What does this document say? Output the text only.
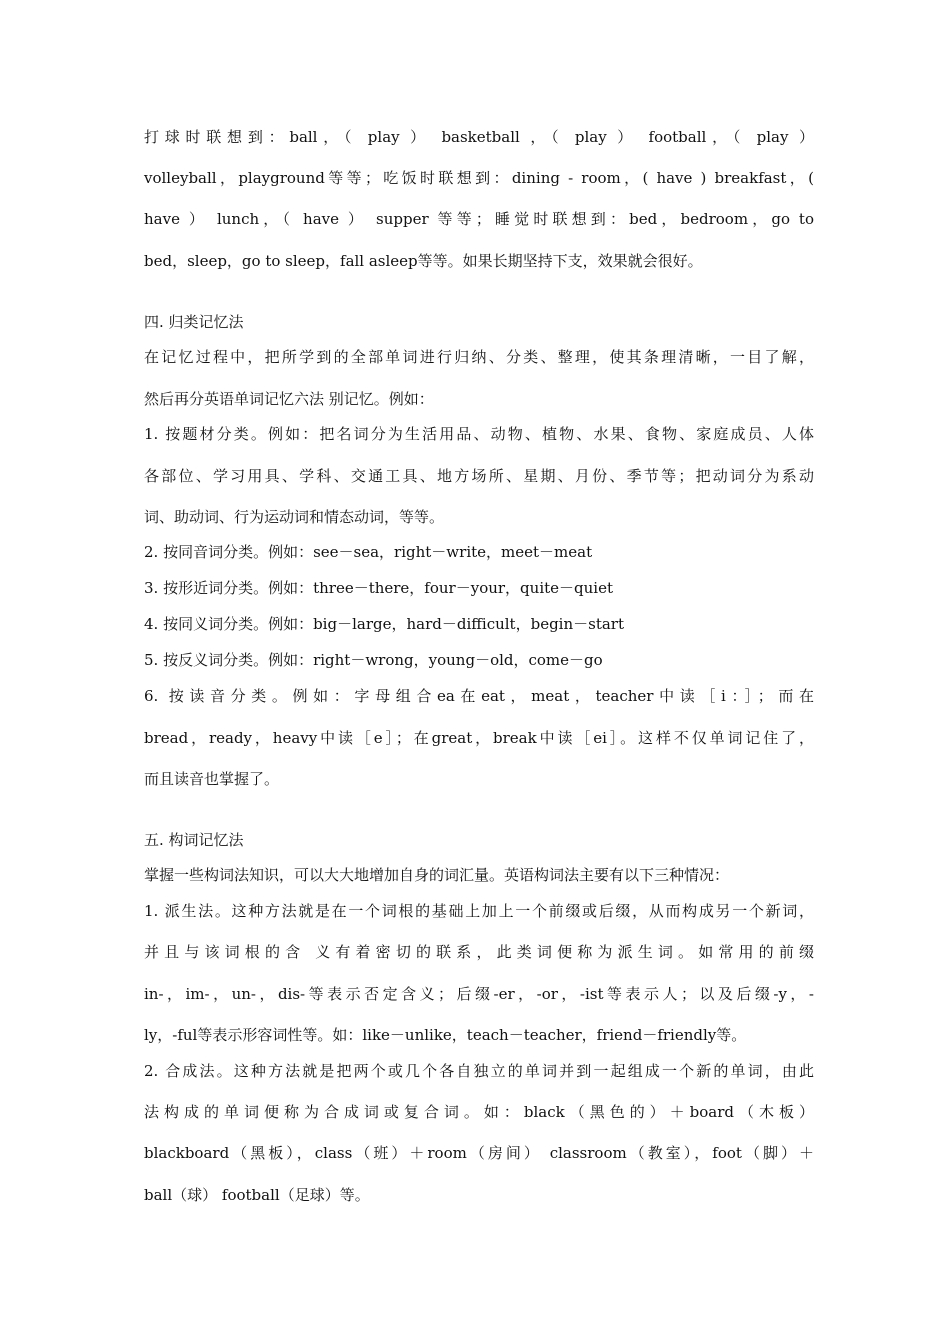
打球时联想到：ball，（ play ） basketball ，（ play ） football，（ play ）
volleyball，playground等等；吃饭时联想到：dining - room，( have ) breakfast，(
have ） lunch，（ have ） supper 等等；睡觉时联想到：bed，bedroom，go to
bed，sleep，go to sleep，fall asleep等等。如果长期坚持下支，效果就会很好。
四. 归类记忆法
在记忆过程中，把所学到的全部单词进行归纳、分类、整理，使其条理清晰，一目了解，
然后再分英语单词记忆六法 别记忆。例如：
1. 按题材分类。例如：把名词分为生活用品、动物、植物、水果、食物、家庭成员、人体
各部位、学习用具、学科、交通工具、地方场所、星期、月份、季节等；把动词分为系动
词、助动词、行为运动词和情态动词，等等。
2. 按同音词分类。例如：see－sea，right－write，meet－meat
3. 按形近词分类。例如：three－there，four－your，quite－quiet
4. 按同义词分类。例如：big－large，hard－difficult，begin－start
5. 按反义词分类。例如：right－wrong，young－old，come－go
6. 按读音分类。例如：字母组合ea在eat，meat，teacher中读［i：］；而在
bread，ready，heavy中读［e］；在great，break中读［ei］。这样不仅单词记住了，
而且读音也掌握了。
五. 构词记忆法
掌握一些构词法知识，可以大大地增加自身的词汇量。英语构词法主要有以下三种情况：
1. 派生法。这种方法就是在一个词根的基础上加上一个前缀或后缀，从而构成另一个新词，
并且与该词根的含 义有着密切的联系，此类词便称为派生词。如常用的前缀
in-，im-，un-，dis-等表示否定含义；后缀-er，-or，-ist等表示人；以及后缀-y，-
ly，-ful等表示形容词性等。如：like－unlike，teach－teacher，friend－friendly等。
2. 合成法。这种方法就是把两个或几个各自独立的单词并到一起组成一个新的单词，由此
法构成的单词便称为合成词或复合词。如：black（黑色的）＋board（木板）
blackboard（黑板），class（班）＋room（房间） classroom（教室），foot（脚）＋
ball（球） football（足球）等。
